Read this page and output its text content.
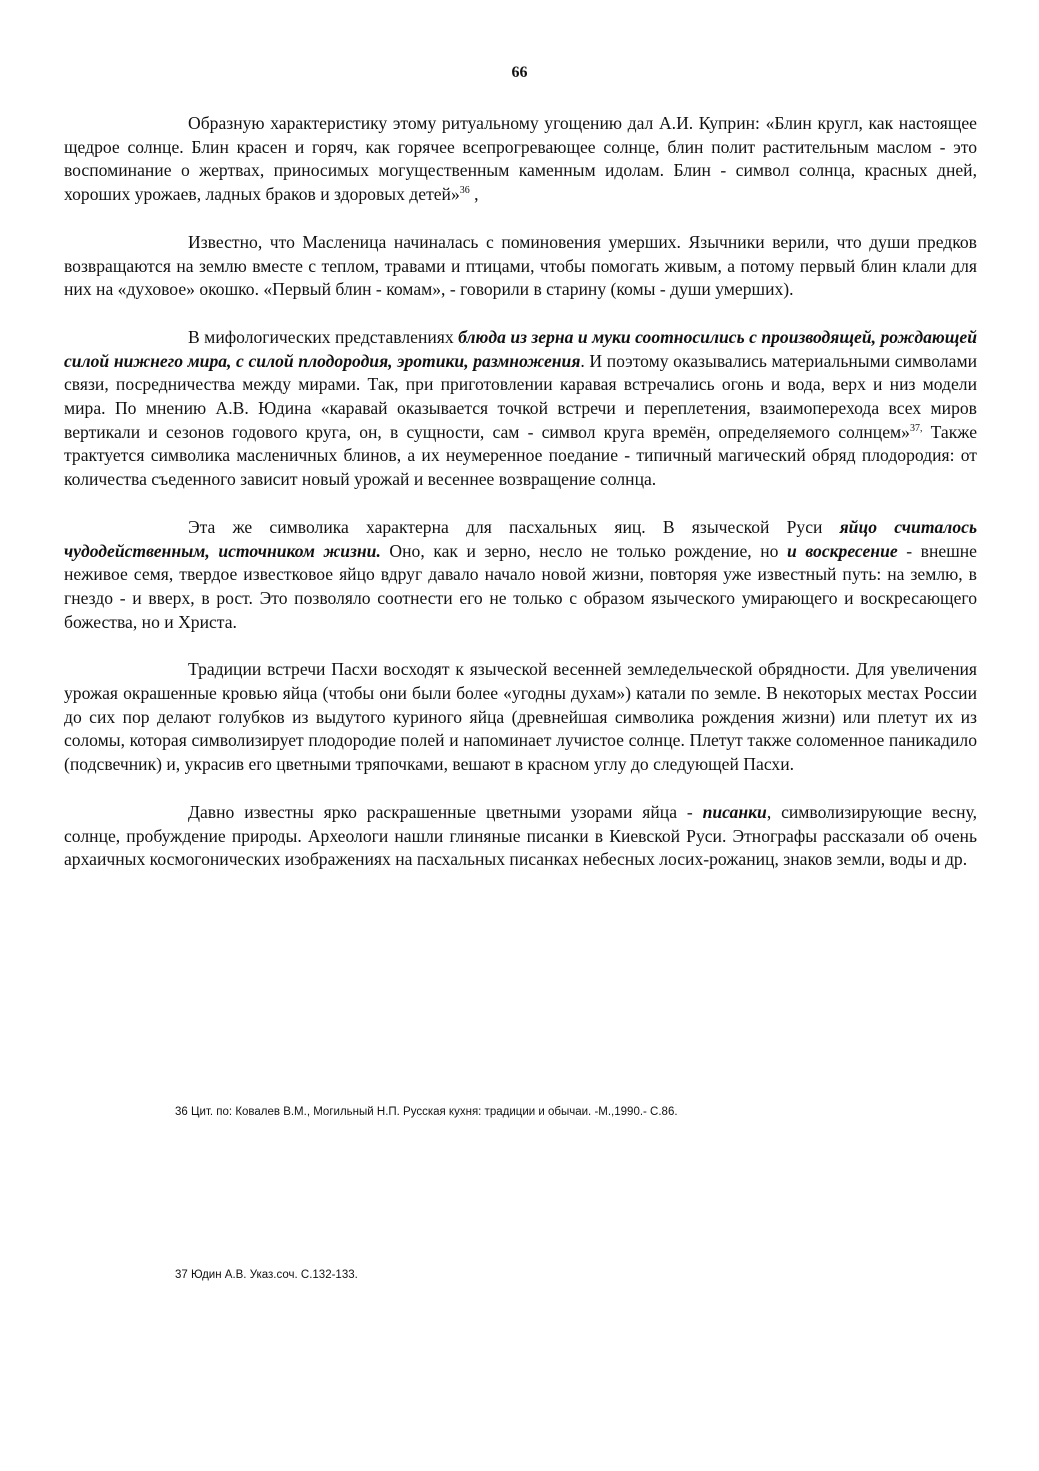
66

Образную характеристику этому ритуальному угощению дал А.И. Куприн: «Блин кругл, как настоящее щедрое солнце. Блин красен и горяч, как горячее всепрогревающее солнце, блин полит растительным маслом - это воспоминание о жертвах, приносимых могущественным каменным идолам. Блин - символ солнца, красных дней, хороших урожаев, ладных браков и здоровых детей»$^{36}$ ,

Известно, что Масленица начиналась с поминовения умерших. Язычники верили, что души предков возвращаются на землю вместе с теплом, травами и птицами, чтобы помогать живым, а потому первый блин клали для них на «духовое» окошко. «Первый блин - комам», - говорили в старину (комы - души умерших).

В мифологических представлениях блюда из зерна и муки соотносились с производящей, рождающей силой нижнего мира, с силой плодородия, эротики, размножения. И поэтому оказывались материальными символами связи, посредничества между мирами. Так, при приготовлении каравая встречались огонь и вода, верх и низ модели мира. По мнению А.В. Юдина «каравай оказывается точкой встречи и переплетения, взаимоперехода всех миров вертикали и сезонов годового круга, он, в сущности, сам - символ круга времён, определяемого солнцем»$^{37,}$ Также трактуется символика масленичных блинов, а их неумеренное поедание - типичный магический обряд плодородия: от количества съеденного зависит новый урожай и весеннее возвращение солнца.

Эта же символика характерна для пасхальных яиц. В языческой Руси яйцо считалось чудодейственным, источником жизни. Оно, как и зерно, несло не только рождение, но и воскресение - внешне неживое семя, твердое известковое яйцо вдруг давало начало новой жизни, повторяя уже известный путь: на землю, в гнездо - и вверх, в рост. Это позволяло соотнести его не только с образом языческого умирающего и воскресающего божества, но и Христа.

Традиции встречи Пасхи восходят к языческой весенней земледельческой обрядности. Для увеличения урожая окрашенные кровью яйца (чтобы они были более «угодны духам») катали по земле. В некоторых местах России до сих пор делают голубков из выдутого куриного яйца (древнейшая символика рождения жизни) или плетут их из соломы, которая символизирует плодородие полей и напоминает лучистое солнце. Плетут также соломенное паникадило (подсвечник) и, украсив его цветными тряпочками, вешают в красном углу до следующей Пасхи.

Давно известны ярко раскрашенные цветными узорами яйца - писанки, символизирующие весну, солнце, пробуждение природы. Археологи нашли глиняные писанки в Киевской Руси. Этнографы рассказали об очень архаичных космогонических изображениях на пасхальных писанках небесных лосих-рожаниц, знаков земли, воды и др.

36 Цит. по: Ковалев В.М., Могильный Н.П. Русская кухня: традиции и обычаи. -М.,1990.- С.86.
37 Юдин А.В. Указ.соч. С.132-133.
